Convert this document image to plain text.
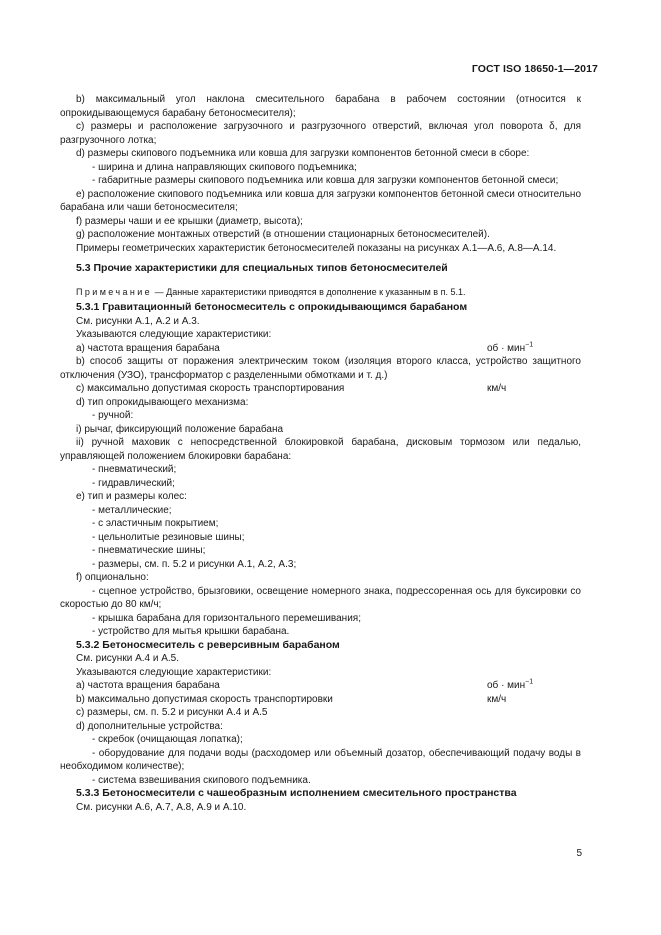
ГОСТ ISO 18650-1—2017

b) максимальный угол наклона смесительного барабана в рабочем состоянии (относится к опрокидывающемуся барабану бетоносмесителя);

c) размеры и расположение загрузочного и разгрузочного отверстий, включая угол поворота δ, для разгрузочного лотка;

d) размеры скипового подъемника или ковша для загрузки компонентов бетонной смеси в сборе:

- ширина и длина направляющих скипового подъемника;

- габаритные размеры скипового подъемника или ковша для загрузки компонентов бетонной смеси;

e) расположение скипового подъемника или ковша для загрузки компонентов бетонной смеси относительно барабана или чаши бетоносмесителя;

f) размеры чаши и ее крышки (диаметр, высота);

g) расположение монтажных отверстий (в отношении стационарных бетоносмесителей).

Примеры геометрических характеристик бетоносмесителей показаны на рисунках А.1—А.6, А.8—А.14.

5.3 Прочие характеристики для специальных типов бетоносмесителей

Примечание — Данные характеристики приводятся в дополнение к указанным в п. 5.1.

5.3.1 Гравитационный бетоносмеситель с опрокидывающимся барабаном

См. рисунки А.1, А.2 и А.3.

Указываются следующие характеристики:

a) частота вращения барабана	об · мин$^{-1}$

b) способ защиты от поражения электрическим током (изоляция второго класса, устройство защитного отключения (УЗО), трансформатор с разделенными обмотками и т. д.)

c) максимально допустимая скорость транспортирования	км/ч

d) тип опрокидывающего механизма:

- ручной:

i) рычаг, фиксирующий положение барабана

ii) ручной маховик с непосредственной блокировкой барабана, дисковым тормозом или педалью, управляющей положением блокировки барабана:

- пневматический;

- гидравлический;

e) тип и размеры колес:

- металлические;

- с эластичным покрытием;

- цельнолитые резиновые шины;

- пневматические шины;

- размеры, см. п. 5.2 и рисунки А.1, А.2, А.3;

f) опционально:

- сцепное устройство, брызговики, освещение номерного знака, подрессоренная ось для буксировки со скоростью до 80 км/ч;

- крышка барабана для горизонтального перемешивания;

- устройство для мытья крышки барабана.

5.3.2 Бетоносмеситель с реверсивным барабаном

См. рисунки А.4 и А.5.

Указываются следующие характеристики:

a) частота вращения барабана	об · мин$^{-1}$
b) максимально допустимая скорость транспортировки	км/ч

c) размеры, см. п. 5.2 и рисунки А.4 и А.5

d) дополнительные устройства:

- скребок (очищающая лопатка);

- оборудование для подачи воды (расходомер или объемный дозатор, обеспечивающий подачу воды в необходимом количестве);

- система взвешивания скипового подъемника.

5.3.3 Бетоносмесители с чашеобразным исполнением смесительного пространства

См. рисунки А.6, А.7, А.8, А.9 и А.10.

5
